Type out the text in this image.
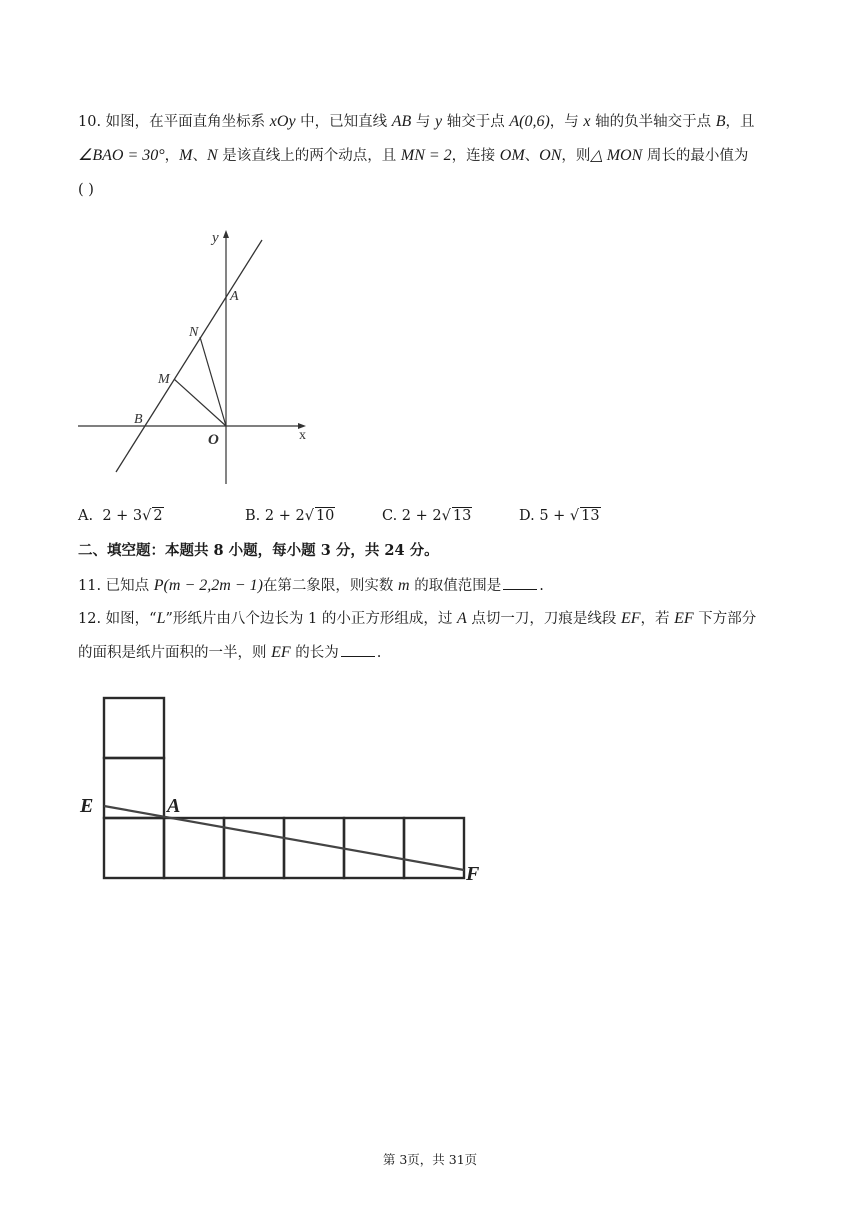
10. 如图，在平面直角坐标系 xOy 中，已知直线 AB 与 y 轴交于点 A(0,6)，与 x 轴的负半轴交于点 B，且
∠BAO = 30°，M、N 是该直线上的两个动点，且 MN = 2，连接 OM、ON，则△ MON 周长的最小值为
( )
y
x
A
N
M
B
O
A. 2 + 3√ 2	B. 2 + 2√ 10	C. 2 + 2√ 13	D. 5 + √ 13
二、填空题：本题共 8 小题，每小题 3 分，共 24 分。
11. 已知点 P(m − 2,2m − 1)在第二象限，则实数 m 的取值范围是	.
12. 如图，“L”形纸片由八个边长为 1 的小正方形组成，过 A 点切一刀，刀痕是线段 EF，若 EF 下方部分
的面积是纸片面积的一半，则 EF 的长为	.
E	A
F
第 3页，共 31页
